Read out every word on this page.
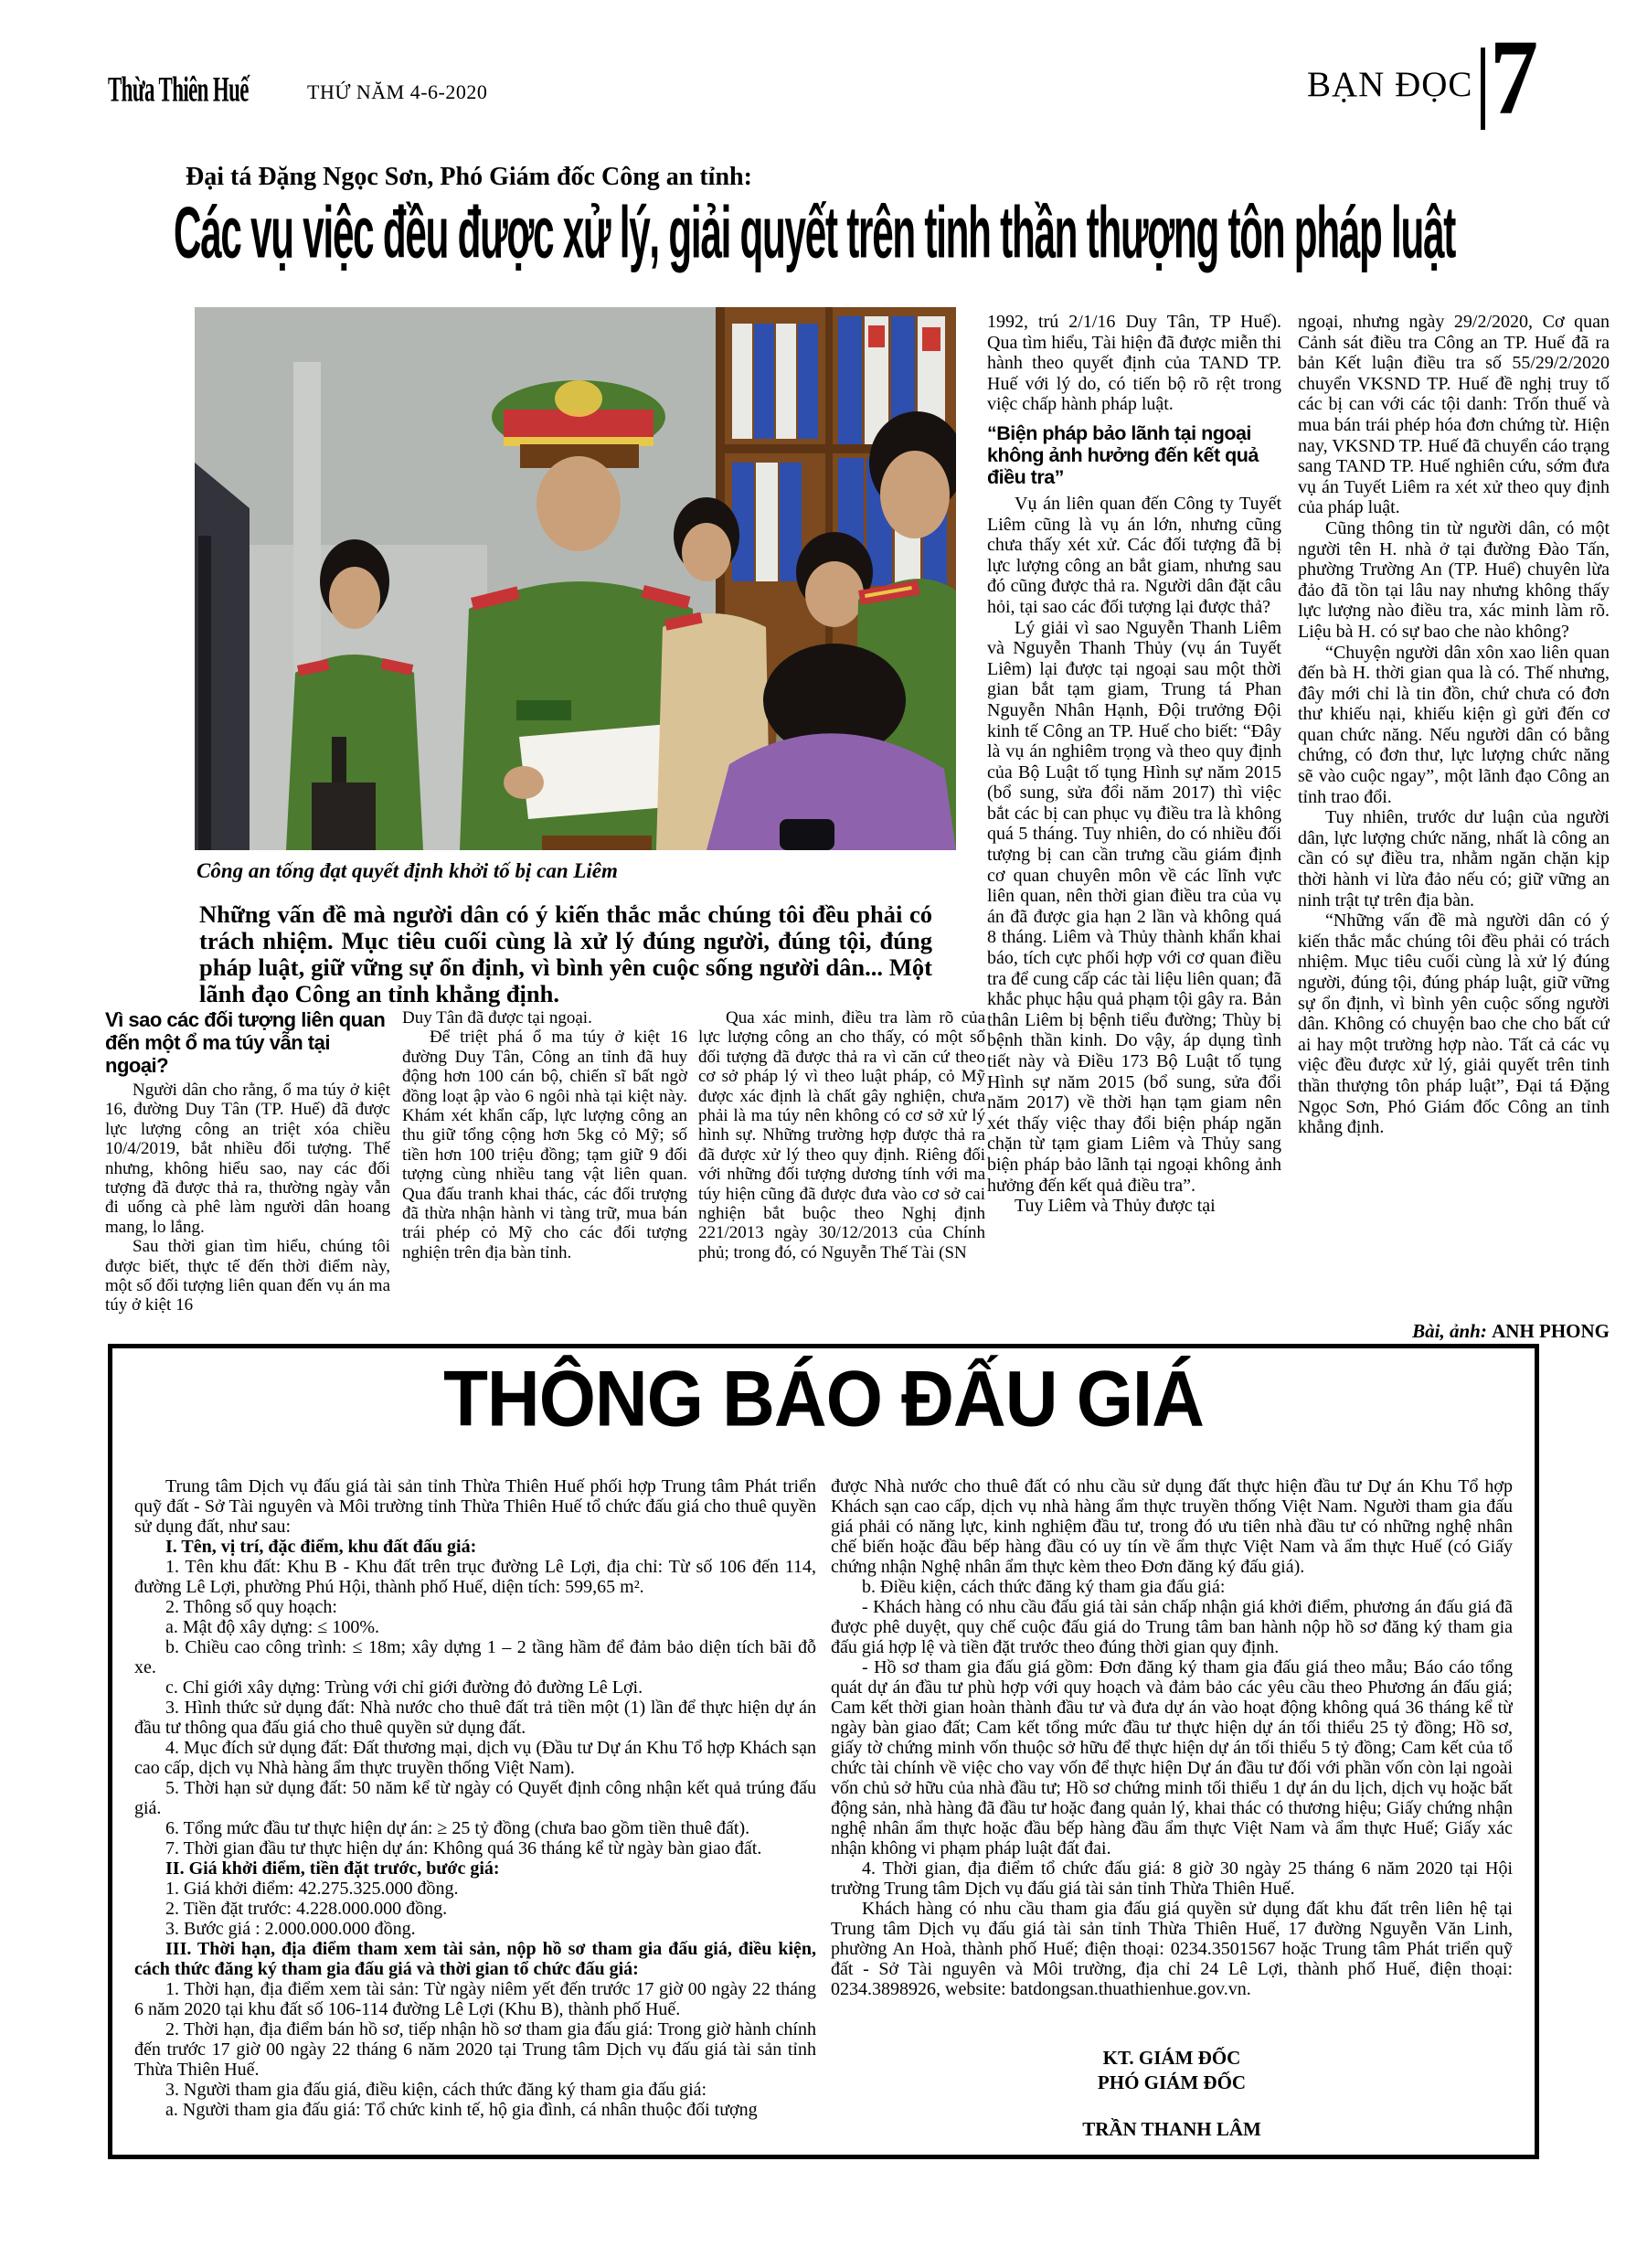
Thừa Thiên Huế	THỨ NĂM 4-6-2020	BẠN ĐỌC 7
Đại tá Đặng Ngọc Sơn, Phó Giám đốc Công an tỉnh:
Các vụ việc đều được xử lý, giải quyết trên tinh thần thượng tôn pháp luật
Công an tống đạt quyết định khởi tố bị can Liêm
Những vấn đề mà người dân có ý kiến thắc mắc chúng tôi đều phải có trách nhiệm. Mục tiêu cuối cùng là xử lý đúng người, đúng tội, đúng pháp luật, giữ vững sự ổn định, vì bình yên cuộc sống người dân... Một lãnh đạo Công an tỉnh khẳng định.

Vì sao các đối tượng liên quan đến một ổ ma túy vẫn tại ngoại?

Người dân cho rằng, ổ ma túy ở kiệt 16, đường Duy Tân (TP. Huế) đã được lực lượng công an triệt xóa chiều 10/4/2019, bắt nhiều đối tượng. Thế nhưng, không hiểu sao, nay các đối tượng đã được thả ra, thường ngày vẫn đi uống cà phê làm người dân hoang mang, lo lắng.

Sau thời gian tìm hiểu, chúng tôi được biết, thực tế đến thời điểm này, một số đối tượng liên quan đến vụ án ma túy ở kiệt 16

Duy Tân đã được tại ngoại.

Để triệt phá ổ ma túy ở kiệt 16 đường Duy Tân, Công an tỉnh đã huy động hơn 100 cán bộ, chiến sĩ bất ngờ đồng loạt ập vào 6 ngôi nhà tại kiệt này. Khám xét khẩn cấp, lực lượng công an thu giữ tổng cộng hơn 5kg cỏ Mỹ; số tiền hơn 100 triệu đồng; tạm giữ 9 đối tượng cùng nhiều tang vật liên quan. Qua đấu tranh khai thác, các đối trượng đã thừa nhận hành vi tàng trữ, mua bán trái phép cỏ Mỹ cho các đối tượng nghiện trên địa bàn tỉnh.

Qua xác minh, điều tra làm rõ của lực lượng công an cho thấy, có một số đối tượng đã được thả ra vì căn cứ theo cơ sở pháp lý vì theo luật pháp, cỏ Mỹ được xác định là chất gây nghiện, chưa phải là ma túy nên không có cơ sở xử lý hình sự. Những trường hợp được thả ra đã được xử lý theo quy định. Riêng đối với những đối tượng dương tính với ma túy hiện cũng đã được đưa vào cơ sở cai nghiện bắt buộc theo Nghị định 221/2013 ngày 30/12/2013 của Chính phủ; trong đó, có Nguyễn Thế Tài (SN

1992, trú 2/1/16 Duy Tân, TP Huế). Qua tìm hiểu, Tài hiện đã được miễn thi hành theo quyết định của TAND TP. Huế với lý do, có tiến bộ rõ rệt trong việc chấp hành pháp luật.

“Biện pháp bảo lãnh tại ngoại không ảnh hưởng đến kết quả điều tra”

Vụ án liên quan đến Công ty Tuyết Liêm cũng là vụ án lớn, nhưng cũng chưa thấy xét xử. Các đối tượng đã bị lực lượng công an bắt giam, nhưng sau đó cũng được thả ra. Người dân đặt câu hỏi, tại sao các đối tượng lại được thả?

Lý giải vì sao Nguyễn Thanh Liêm và Nguyễn Thanh Thủy (vụ án Tuyết Liêm) lại được tại ngoại sau một thời gian bắt tạm giam, Trung tá Phan Nguyễn Nhân Hạnh, Đội trưởng Đội kinh tế Công an TP. Huế cho biết: “Đây là vụ án nghiêm trọng và theo quy định của Bộ Luật tố tụng Hình sự năm 2015 (bổ sung, sửa đổi năm 2017) thì việc bắt các bị can phục vụ điều tra là không quá 5 tháng. Tuy nhiên, do có nhiều đối tượng bị can cần trưng cầu giám định cơ quan chuyên môn về các lĩnh vực liên quan, nên thời gian điều tra của vụ án đã được gia hạn 2 lần và không quá 8 tháng. Liêm và Thủy thành khẩn khai báo, tích cực phối hợp với cơ quan điều tra để cung cấp các tài liệu liên quan; đã khắc phục hậu quả phạm tội gây ra. Bản thân Liêm bị bệnh tiểu đường; Thùy bị bệnh thần kinh. Do vậy, áp dụng tình tiết này và Điều 173 Bộ Luật tố tụng Hình sự năm 2015 (bổ sung, sửa đổi năm 2017) về thời hạn tạm giam nên xét thấy việc thay đổi biện pháp ngăn chặn từ tạm giam Liêm và Thủy sang biện pháp bảo lãnh tại ngoại không ảnh hưởng đến kết quả điều tra”.

Tuy Liêm và Thủy được tại

ngoại, nhưng ngày 29/2/2020, Cơ quan Cảnh sát điều tra Công an TP. Huế đã ra bản Kết luận điều tra số 55/29/2/2020 chuyển VKSND TP. Huế đề nghị truy tố các bị can với các tội danh: Trốn thuế và mua bán trái phép hóa đơn chứng từ. Hiện nay, VKSND TP. Huế đã chuyển cáo trạng sang TAND TP. Huế nghiên cứu, sớm đưa vụ án Tuyết Liêm ra xét xử theo quy định của pháp luật.

Cũng thông tin từ người dân, có một người tên H. nhà ở tại đường Đào Tấn, phường Trường An (TP. Huế) chuyên lừa đảo đã tồn tại lâu nay nhưng không thấy lực lượng nào điều tra, xác minh làm rõ. Liệu bà H. có sự bao che nào không?

“Chuyện người dân xôn xao liên quan đến bà H. thời gian qua là có. Thế nhưng, đây mới chỉ là tin đồn, chứ chưa có đơn thư khiếu nại, khiếu kiện gì gửi đến cơ quan chức năng. Nếu người dân có bằng chứng, có đơn thư, lực lượng chức năng sẽ vào cuộc ngay”, một lãnh đạo Công an tỉnh trao đổi.

Tuy nhiên, trước dư luận của người dân, lực lượng chức năng, nhất là công an cần có sự điều tra, nhằm ngăn chặn kịp thời hành vi lừa đảo nếu có; giữ vững an ninh trật tự trên địa bàn.

“Những vấn đề mà người dân có ý kiến thắc mắc chúng tôi đều phải có trách nhiệm. Mục tiêu cuối cùng là xử lý đúng người, đúng tội, đúng pháp luật, giữ vững sự ổn định, vì bình yên cuộc sống người dân. Không có chuyện bao che cho bất cứ ai hay một trường hợp nào. Tất cả các vụ việc đều được xử lý, giải quyết trên tinh thần thượng tôn pháp luật”, Đại tá Đặng Ngọc Sơn, Phó Giám đốc Công an tỉnh khẳng định.

Bài, ảnh: ANH PHONG
THÔNG BÁO ĐẤU GIÁ

Trung tâm Dịch vụ đấu giá tài sản tỉnh Thừa Thiên Huế phối hợp Trung tâm Phát triển quỹ đất - Sở Tài nguyên và Môi trường tỉnh Thừa Thiên Huế tổ chức đấu giá cho thuê quyền sử dụng đất, như sau:

I. Tên, vị trí, đặc điểm, khu đất đấu giá:

1. Tên khu đất: Khu B - Khu đất trên trục đường Lê Lợi, địa chỉ: Từ số 106 đến 114, đường Lê Lợi, phường Phú Hội, thành phố Huế, diện tích: 599,65 m².

2. Thông số quy hoạch:

a. Mật độ xây dựng: ≤ 100%.

b. Chiều cao công trình: ≤ 18m; xây dựng 1 – 2 tầng hầm để đảm bảo diện tích bãi đỗ xe.

c. Chỉ giới xây dựng: Trùng với chỉ giới đường đỏ đường Lê Lợi.

3. Hình thức sử dụng đất: Nhà nước cho thuê đất trả tiền một (1) lần để thực hiện dự án đầu tư thông qua đấu giá cho thuê quyền sử dụng đất.

4. Mục đích sử dụng đất: Đất thương mại, dịch vụ (Đầu tư Dự án Khu Tổ hợp Khách sạn cao cấp, dịch vụ Nhà hàng ẩm thực truyền thống Việt Nam).

5. Thời hạn sử dụng đất: 50 năm kể từ ngày có Quyết định công nhận kết quả trúng đấu giá.

6. Tổng mức đầu tư thực hiện dự án: ≥ 25 tỷ đồng (chưa bao gồm tiền thuê đất).

7. Thời gian đầu tư thực hiện dự án: Không quá 36 tháng kể từ ngày bàn giao đất.

II. Giá khởi điểm, tiền đặt trước, bước giá:

1. Giá khởi điểm: 42.275.325.000 đồng.

2. Tiền đặt trước: 4.228.000.000 đồng.

3. Bước giá : 2.000.000.000 đồng.

III. Thời hạn, địa điểm tham xem tài sản, nộp hồ sơ tham gia đấu giá, điều kiện, cách thức đăng ký tham gia đấu giá và thời gian tổ chức đấu giá:

1. Thời hạn, địa điểm xem tài sản: Từ ngày niêm yết đến trước 17 giờ 00 ngày 22 tháng 6 năm 2020 tại khu đất số 106-114 đường Lê Lợi (Khu B), thành phố Huế.

2. Thời hạn, địa điểm bán hồ sơ, tiếp nhận hồ sơ tham gia đấu giá: Trong giờ hành chính đến trước 17 giờ 00 ngày 22 tháng 6 năm 2020 tại Trung tâm Dịch vụ đấu giá tài sản tỉnh Thừa Thiên Huế.

3. Người tham gia đấu giá, điều kiện, cách thức đăng ký tham gia đấu giá:

a. Người tham gia đấu giá: Tổ chức kinh tế, hộ gia đình, cá nhân thuộc đối tượng

được Nhà nước cho thuê đất có nhu cầu sử dụng đất thực hiện đầu tư Dự án Khu Tổ hợp Khách sạn cao cấp, dịch vụ nhà hàng ẩm thực truyền thống Việt Nam. Người tham gia đấu giá phải có năng lực, kinh nghiệm đầu tư, trong đó ưu tiên nhà đầu tư có những nghệ nhân chế biến hoặc đầu bếp hàng đầu có uy tín về ẩm thực Việt Nam và ẩm thực Huế (có Giấy chứng nhận Nghệ nhân ẩm thực kèm theo Đơn đăng ký đấu giá).

b. Điều kiện, cách thức đăng ký tham gia đấu giá:

- Khách hàng có nhu cầu đấu giá tài sản chấp nhận giá khởi điểm, phương án đấu giá đã được phê duyệt, quy chế cuộc đấu giá do Trung tâm ban hành nộp hồ sơ đăng ký tham gia đấu giá hợp lệ và tiền đặt trước theo đúng thời gian quy định.

- Hồ sơ tham gia đấu giá gồm: Đơn đăng ký tham gia đấu giá theo mẫu; Báo cáo tổng quát dự án đầu tư phù hợp với quy hoạch và đảm bảo các yêu cầu theo Phương án đấu giá; Cam kết thời gian hoàn thành đầu tư và đưa dự án vào hoạt động không quá 36 tháng kể từ ngày bàn giao đất; Cam kết tổng mức đầu tư thực hiện dự án tối thiểu 25 tỷ đồng; Hồ sơ, giấy tờ chứng minh vốn thuộc sở hữu để thực hiện dự án tối thiểu 5 tỷ đồng; Cam kết của tổ chức tài chính về việc cho vay vốn để thực hiện Dự án đầu tư đối với phần vốn còn lại ngoài vốn chủ sở hữu của nhà đầu tư; Hồ sơ chứng minh tối thiểu 1 dự án du lịch, dịch vụ hoặc bất động sản, nhà hàng đã đầu tư hoặc đang quản lý, khai thác có thương hiệu; Giấy chứng nhận nghệ nhân ẩm thực hoặc đầu bếp hàng đầu ẩm thực Việt Nam và ẩm thực Huế; Giấy xác nhận không vi phạm pháp luật đất đai.

4. Thời gian, địa điểm tổ chức đấu giá: 8 giờ 30 ngày 25 tháng 6 năm 2020 tại Hội trường Trung tâm Dịch vụ đấu giá tài sản tỉnh Thừa Thiên Huế.

Khách hàng có nhu cầu tham gia đấu giá quyền sử dụng đất khu đất trên liên hệ tại Trung tâm Dịch vụ đấu giá tài sản tỉnh Thừa Thiên Huế, 17 đường Nguyễn Văn Linh, phường An Hoà, thành phố Huế; điện thoại: 0234.3501567 hoặc Trung tâm Phát triển quỹ đất - Sở Tài nguyên và Môi trường, địa chỉ 24 Lê Lợi, thành phố Huế, điện thoại: 0234.3898926, website: batdongsan.thuathienhue.gov.vn.

KT. GIÁM ĐỐC
PHÓ GIÁM ĐỐC
TRẦN THANH LÂM
